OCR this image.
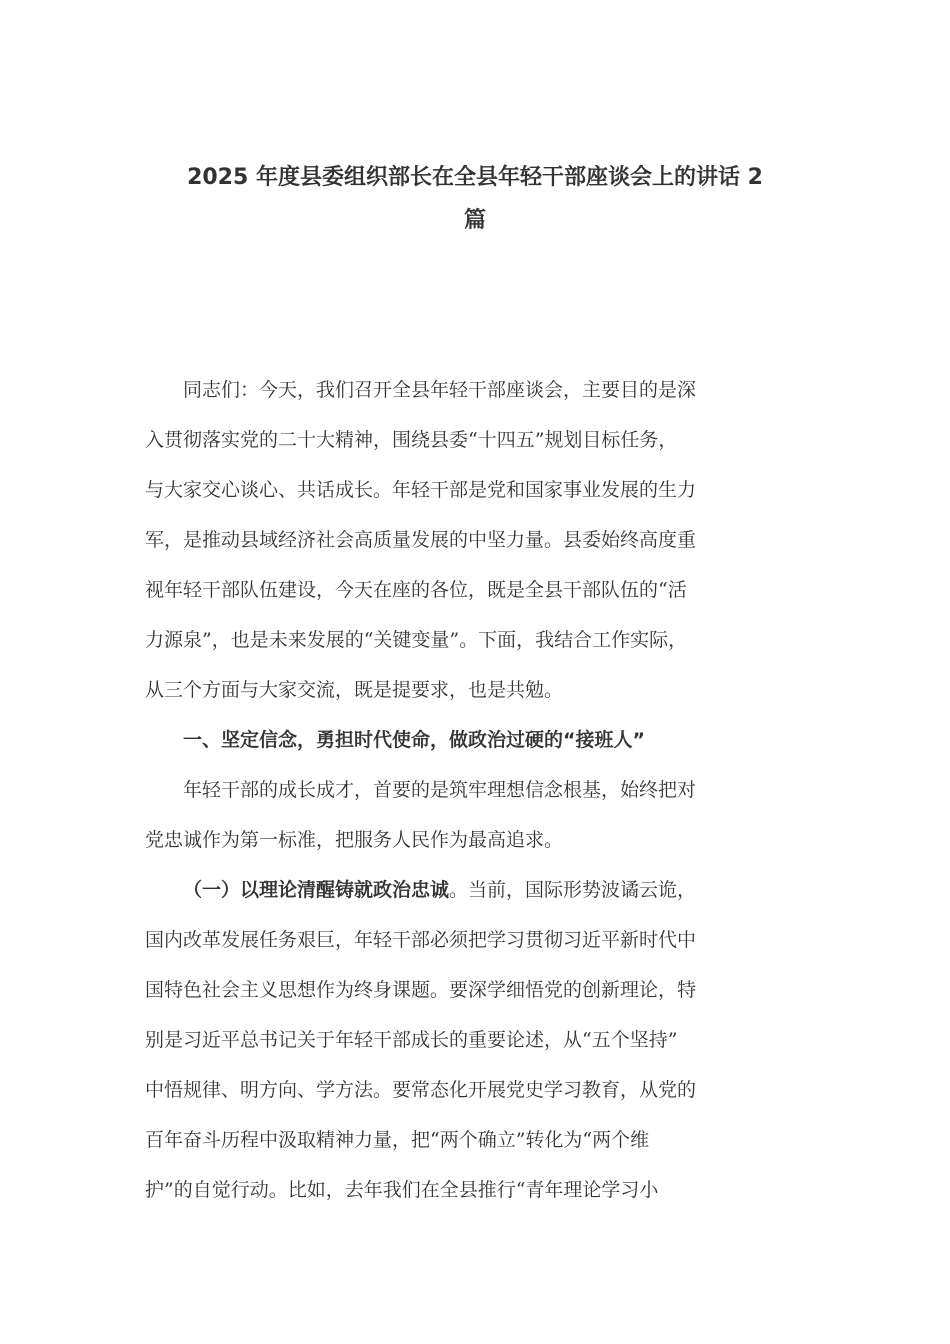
2025 年度县委组织部长在全县年轻干部座谈会上的讲话 2
篇

同志们：今天，我们召开全县年轻干部座谈会，主要目的是深

入贯彻落实党的二十大精神，围绕县委“十四五”规划目标任务，

与大家交心谈心、共话成长。年轻干部是党和国家事业发展的生力

军，是推动县域经济社会高质量发展的中坚力量。县委始终高度重

视年轻干部队伍建设，今天在座的各位，既是全县干部队伍的“活

力源泉”，也是未来发展的“关键变量”。下面，我结合工作实际，

从三个方面与大家交流，既是提要求，也是共勉。

一、坚定信念，勇担时代使命，做政治过硬的“接班人”

年轻干部的成长成才，首要的是筑牢理想信念根基，始终把对

党忠诚作为第一标准，把服务人民作为最高追求。

（一）以理论清醒铸就政治忠诚。当前，国际形势波谲云诡，

国内改革发展任务艰巨，年轻干部必须把学习贯彻习近平新时代中

国特色社会主义思想作为终身课题。要深学细悟党的创新理论，特

别是习近平总书记关于年轻干部成长的重要论述，从“五个坚持”

中悟规律、明方向、学方法。要常态化开展党史学习教育，从党的

百年奋斗历程中汲取精神力量，把“两个确立”转化为“两个维

护”的自觉行动。比如，去年我们在全县推行“青年理论学习小
